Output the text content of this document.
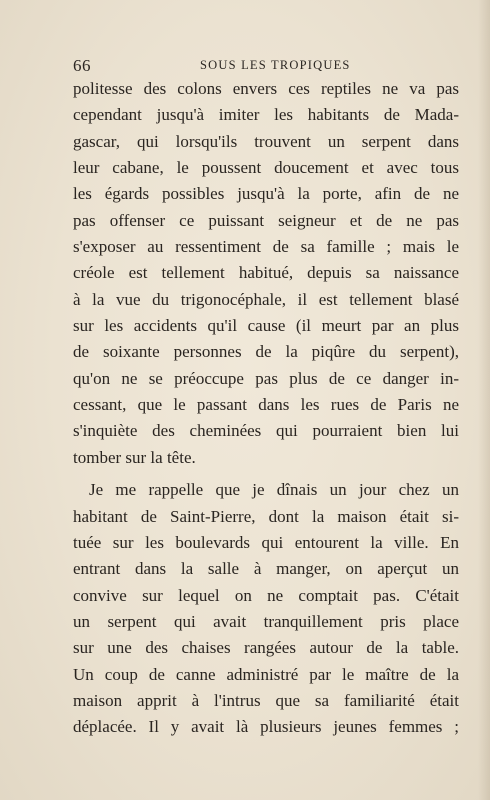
66	SOUS LES TROPIQUES
politesse des colons envers ces reptiles ne va pas
cependant jusqu'à imiter les habitants de Mada-
gascar, qui lorsqu'ils trouvent un serpent dans
leur cabane, le poussent doucement et avec tous
les égards possibles jusqu'à la porte, afin de ne
pas offenser ce puissant seigneur et de ne pas
s'exposer au ressentiment de sa famille ; mais le
créole est tellement habitué, depuis sa naissance
à la vue du trigonocéphale, il est tellement blasé
sur les accidents qu'il cause (il meurt par an plus
de soixante personnes de la piqûre du serpent),
qu'on ne se préoccupe pas plus de ce danger in-
cessant, que le passant dans les rues de Paris ne
s'inquiète des cheminées qui pourraient bien lui
tomber sur la tête.
Je me rappelle que je dînais un jour chez un
habitant de Saint-Pierre, dont la maison était si-
tuée sur les boulevards qui entourent la ville. En
entrant dans la salle à manger, on aperçut un
convive sur lequel on ne comptait pas. C'était
un serpent qui avait tranquillement pris place
sur une des chaises rangées autour de la table.
Un coup de canne administré par le maître de la
maison apprit à l'intrus que sa familiarité était
déplacée. Il y avait là plusieurs jeunes femmes ;
